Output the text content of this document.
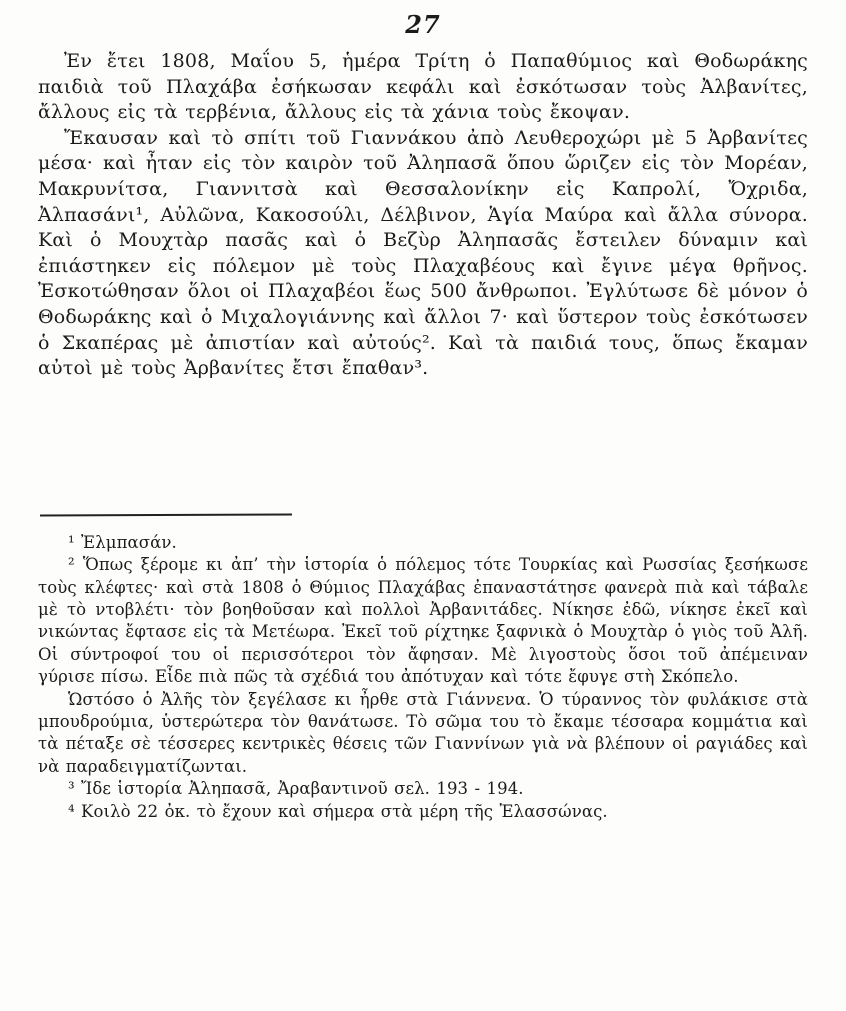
27

Ἐν ἔτει 1808, Μαΐου 5, ἡμέρα Τρίτη ὁ Παπαθύμιος καὶ Θοδωράκης παιδιὰ τοῦ Πλαχάβα ἐσήκωσαν κεφάλι καὶ ἐσκότωσαν τοὺς Ἀλβανίτες, ἄλλους εἰς τὰ τερβένια, ἄλλους εἰς τὰ χάνια τοὺς ἔκοψαν.

Ἔκαυσαν καὶ τὸ σπίτι τοῦ Γιαννάκου ἀπὸ Λευθεροχώρι μὲ 5 Ἀρβανίτες μέσα· καὶ ἦταν εἰς τὸν καιρὸν τοῦ Ἀληπασᾶ ὅπου ὥριζεν εἰς τὸν Μορέαν, Μακρυνίτσα, Γιαννιτσὰ καὶ Θεσσαλονίκην εἰς Καπρολί, Ὄχριδα, Ἀλπασάνι¹, Αὐλῶνα, Κακοσούλι, Δέλβινον, Ἁγία Μαύρα καὶ ἄλλα σύνορα. Καὶ ὁ Μουχτὰρ πασᾶς καὶ ὁ Βεζὺρ Ἀληπασᾶς ἔστειλεν δύναμιν καὶ ἐπιάστηκεν εἰς πόλεμον μὲ τοὺς Πλαχαβέους καὶ ἔγινε μέγα θρῆνος. Ἐσκοτώθησαν ὅλοι οἱ Πλαχαβέοι ἕως 500 ἄνθρωποι. Ἐγλύτωσε δὲ μόνον ὁ Θοδωράκης καὶ ὁ Μιχαλογιάννης καὶ ἄλλοι 7· καὶ ὕστερον τοὺς ἐσκότωσεν ὁ Σκαπέρας μὲ ἀπιστίαν καὶ αὐτούς². Καὶ τὰ παιδιά τους, ὅπως ἔκαμαν αὐτοὶ μὲ τοὺς Ἀρβανίτες ἔτσι ἔπαθαν³.

¹ Ἐλμπασάν.

² Ὅπως ξέρομε κι ἀπ’ τὴν ἱστορία ὁ πόλεμος τότε Τουρκίας καὶ Ρωσσίας ξεσήκωσε τοὺς κλέφτες· καὶ στὰ 1808 ὁ Θύμιος Πλαχάβας ἐπαναστάτησε φανερὰ πιὰ καὶ τάβαλε μὲ τὸ ντοβλέτι· τὸν βοηθοῦσαν καὶ πολλοὶ Ἀρβανιτάδες. Νίκησε ἐδῶ, νίκησε ἐκεῖ καὶ νικώντας ἔφτασε εἰς τὰ Μετέωρα. Ἐκεῖ τοῦ ρίχτηκε ξαφνικὰ ὁ Μουχτὰρ ὁ γιὸς τοῦ Ἀλῆ. Οἱ σύντροφοί του οἱ περισσότεροι τὸν ἄφησαν. Μὲ λιγοστοὺς ὅσοι τοῦ ἀπέμειναν γύρισε πίσω. Εἶδε πιὰ πῶς τὰ σχέδιά του ἀπότυχαν καὶ τότε ἔφυγε στὴ Σκόπελο.

Ὡστόσο ὁ Ἀλῆς τὸν ξεγέλασε κι ἦρθε στὰ Γιάννενα. Ὁ τύραννος τὸν φυλάκισε στὰ μπουδρούμια, ὑστερώτερα τὸν θανάτωσε. Τὸ σῶμα του τὸ ἔκαμε τέσσαρα κομμάτια καὶ τὰ πέταξε σὲ τέσσερες κεντρικὲς θέσεις τῶν Γιαννίνων γιὰ νὰ βλέπουν οἱ ραγιάδες καὶ νὰ παραδειγματίζωνται.

³ Ἴδε ἱστορία Ἀληπασᾶ, Ἀραβαντινοῦ σελ. 193 - 194.

⁴ Κοιλὸ 22 ὀκ. τὸ ἔχουν καὶ σήμερα στὰ μέρη τῆς Ἐλασσώνας.
